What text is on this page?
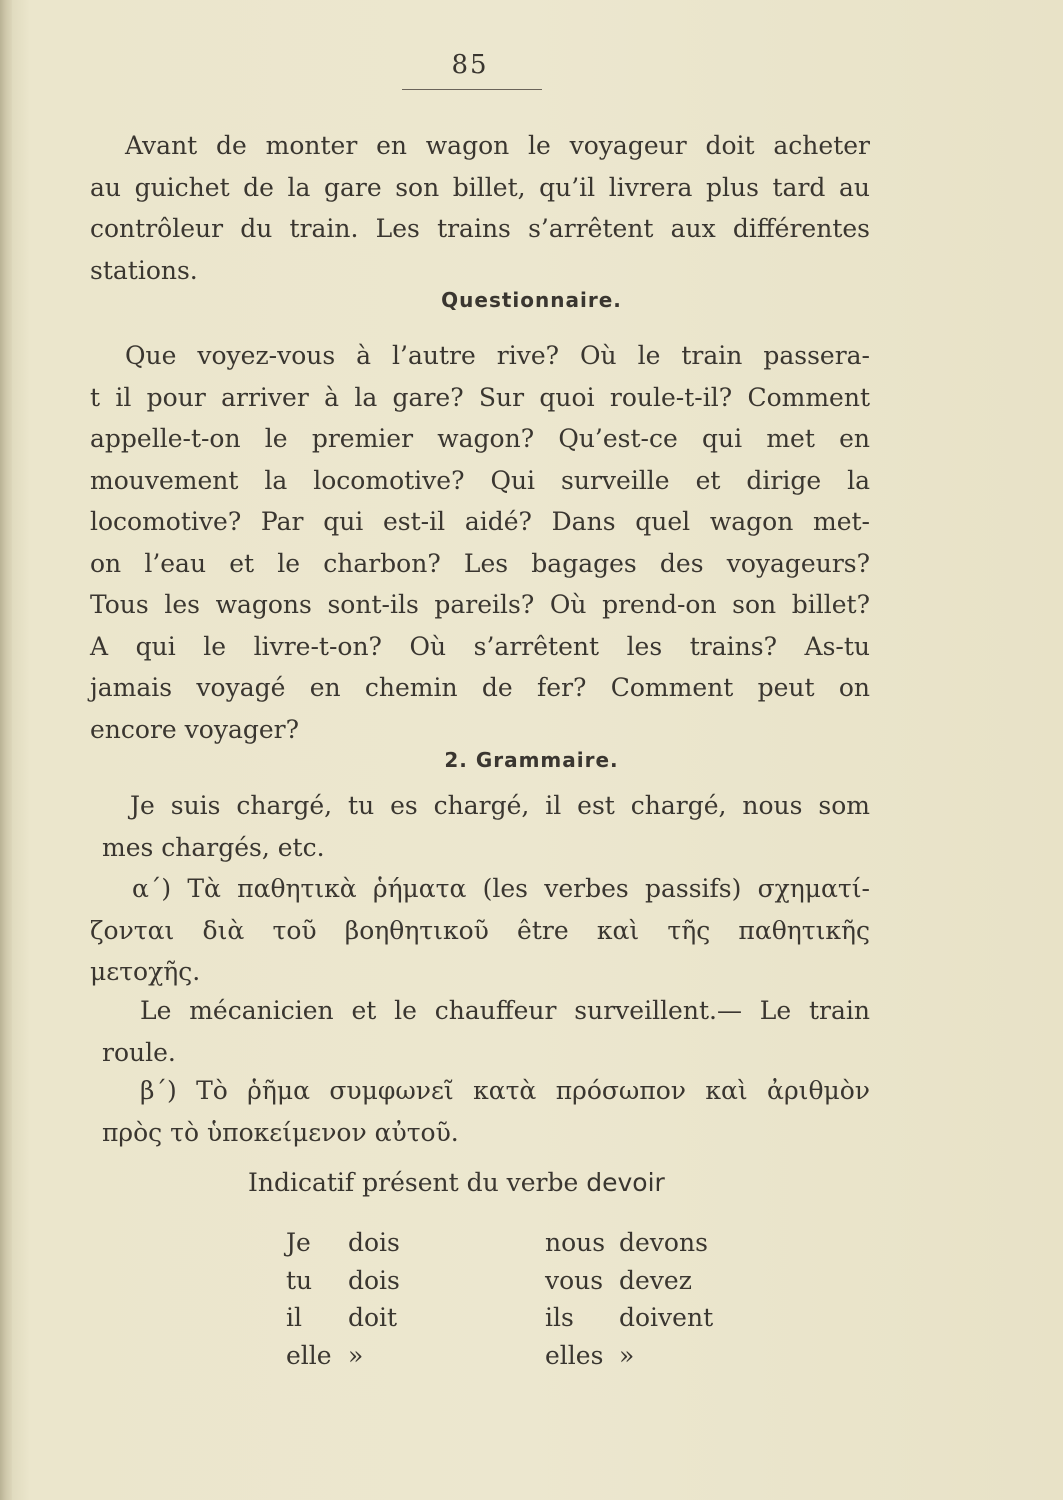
85
Avant de monter en wagon le voyageur doit acheter
au guichet de la gare son billet, qu’il livrera plus tard au
contrôleur du train. Les trains s’arrêtent aux différentes
stations.
Questionnaire.
Que voyez-vous à l’autre rive? Où le train passera-
t il pour arriver à la gare? Sur quoi roule-t-il? Comment
appelle-t-on le premier wagon? Qu’est-ce qui met en
mouvement la locomotive? Qui surveille et dirige la
locomotive? Par qui est-il aidé? Dans quel wagon met-
on l’eau et le charbon? Les bagages des voyageurs?
Tous les wagons sont-ils pareils? Où prend-on son billet?
A qui le livre-t-on? Où s’arrêtent les trains? As-tu
jamais voyagé en chemin de fer? Comment peut on
encore voyager?
2. Grammaire.
Je suis chargé, tu es chargé, il est chargé, nous som
mes chargés, etc.
α΄) Τὰ παθητικὰ ῥήματα (les verbes passifs) σχηματί-
ζονται διὰ τοῦ βοηθητικοῦ être καὶ τῆς παθητικῆς
μετοχῆς.
Le mécanicien et le chauffeur surveillent.— Le train
roule.
β΄) Τὸ ῥῆμα συμφωνεῖ κατὰ πρόσωπον καὶ ἀριθμὸν
πρὸς τὸ ὑποκείμενον αὐτοῦ.
Indicatif présent du verbe devoir
Je dois
tu dois
il doit
elle »
nous devons
vous devez
ils doivent
elles »
